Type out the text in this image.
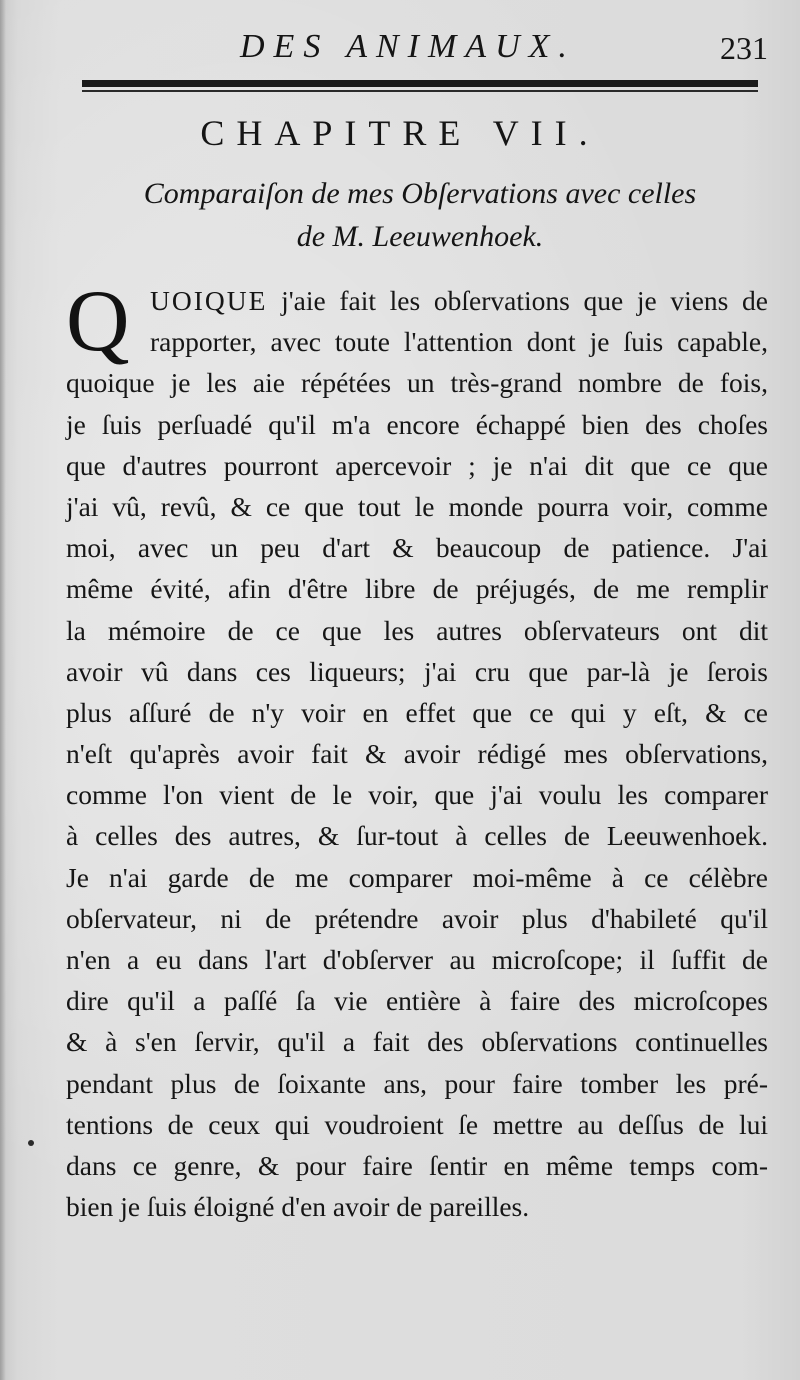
DES ANIMAUX.	231
CHAPITRE VII.
Comparaiſon de mes Obſervations avec celles
de M. Leeuwenhoek.
Q UOIQUE j'aie fait les obſervations que je viens de
rapporter, avec toute l'attention dont je ſuis capable,
quoique je les aie répétées un très-grand nombre de fois,
je ſuis perſuadé qu'il m'a encore échappé bien des choſes
que d'autres pourront apercevoir ; je n'ai dit que ce que
j'ai vû, revû, & ce que tout le monde pourra voir, comme
moi, avec un peu d'art & beaucoup de patience. J'ai
même évité, afin d'être libre de préjugés, de me remplir
la mémoire de ce que les autres obſervateurs ont dit
avoir vû dans ces liqueurs; j'ai cru que par-là je ſerois
plus aſſuré de n'y voir en effet que ce qui y eſt, & ce
n'eſt qu'après avoir fait & avoir rédigé mes obſervations,
comme l'on vient de le voir, que j'ai voulu les comparer
à celles des autres, & ſur-tout à celles de Leeuwenhoek.
Je n'ai garde de me comparer moi-même à ce célèbre
obſervateur, ni de prétendre avoir plus d'habileté qu'il
n'en a eu dans l'art d'obſerver au microſcope; il ſuffit de
dire qu'il a paſſé ſa vie entière à faire des microſcopes
& à s'en ſervir, qu'il a fait des obſervations continuelles
pendant plus de ſoixante ans, pour faire tomber les pré-
tentions de ceux qui voudroient ſe mettre au deſſus de lui
dans ce genre, & pour faire ſentir en même temps com-
bien je ſuis éloigné d'en avoir de pareilles.
